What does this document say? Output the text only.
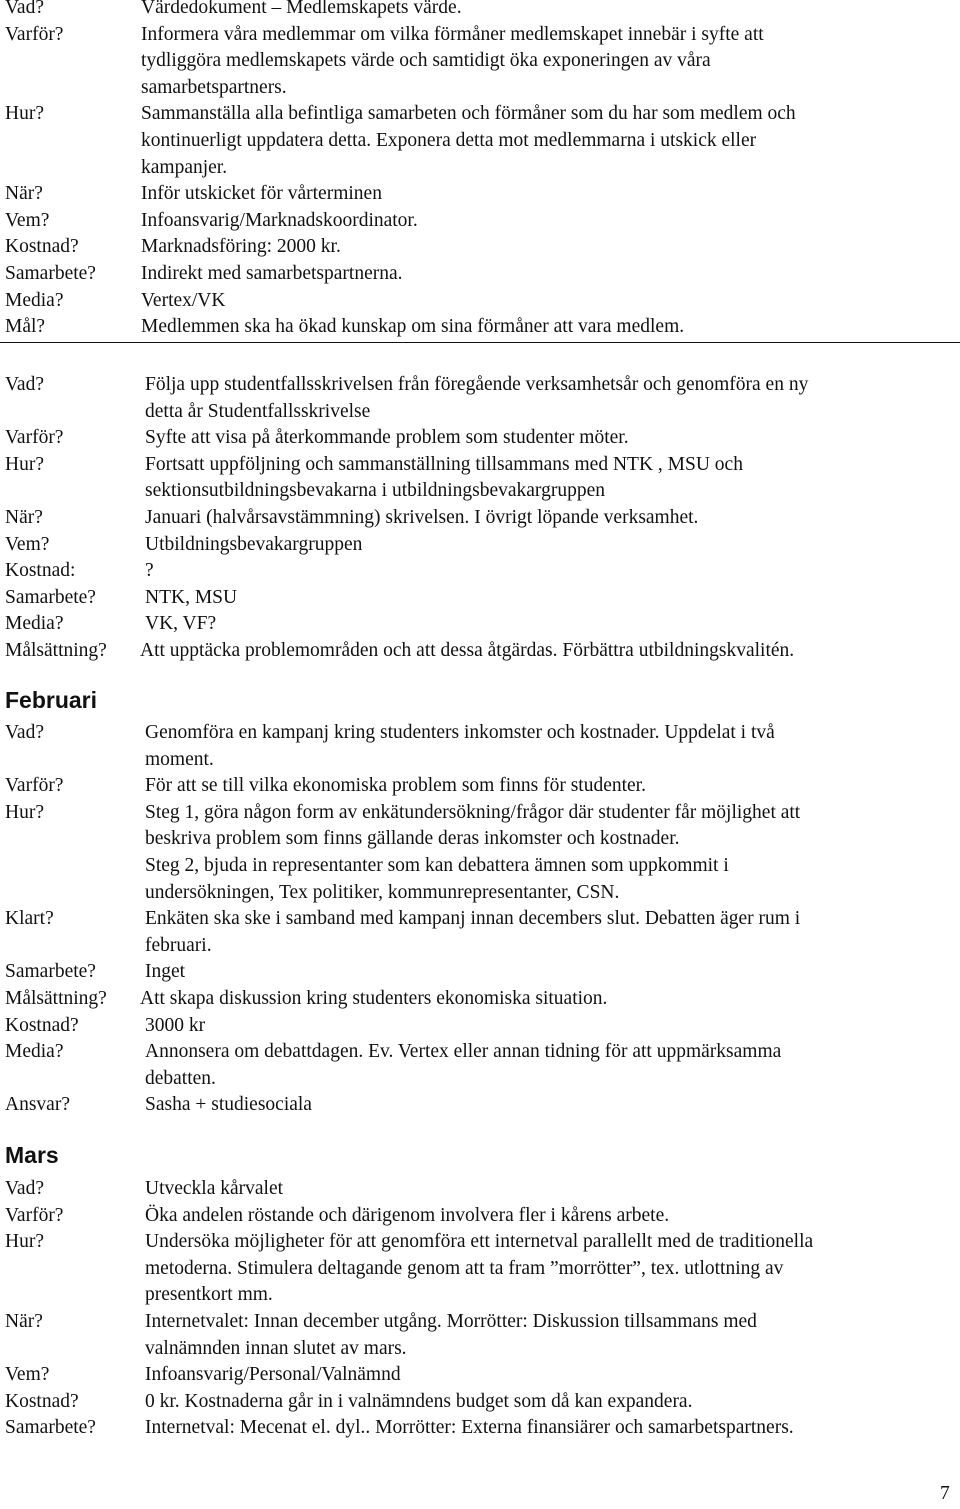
Vad?	Värdedokument – Medlemskapets värde.
Varför?	Informera våra medlemmar om vilka förmåner medlemskapet innebär i syfte att
tydliggöra medlemskapets värde och samtidigt öka exponeringen av våra
samarbetspartners.
Hur?	Sammanställa alla befintliga samarbeten och förmåner som du har som medlem och
kontinuerligt uppdatera detta. Exponera detta mot medlemmarna i utskick eller
kampanjer.
När?	Inför utskicket för vårterminen
Vem?	Infoansvarig/Marknadskoordinator.
Kostnad?	Marknadsföring: 2000 kr.
Samarbete? Indirekt med samarbetspartnerna.
Media?	Vertex/VK
Mål?	Medlemmen ska ha ökad kunskap om sina förmåner att vara medlem.
Vad?	Följa upp studentfallsskrivelsen från föregående verksamhetsår och genomföra en ny
detta år Studentfallsskrivelse
Varför?	Syfte att visa på återkommande problem som studenter möter.
Hur?	Fortsatt uppföljning och sammanställning tillsammans med NTK , MSU och
sektionsutbildningsbevakarna i utbildningsbevakargruppen
När?	Januari (halvårsavstämmning) skrivelsen. I övrigt löpande verksamhet.
Vem?	Utbildningsbevakargruppen
Kostnad:	?
Samarbete?	NTK, MSU
Media?	VK, VF?
Målsättning? Att upptäcka problemområden och att dessa åtgärdas. Förbättra utbildningskvalitén.
Februari
Vad?	Genomföra en kampanj kring studenters inkomster och kostnader. Uppdelat i två
moment.
Varför?	För att se till vilka ekonomiska problem som finns för studenter.
Hur?	Steg 1, göra någon form av enkätundersökning/frågor där studenter får möjlighet att
beskriva problem som finns gällande deras inkomster och kostnader.
Steg 2, bjuda in representanter som kan debattera ämnen som uppkommit i
undersökningen, Tex politiker, kommunrepresentanter, CSN.
Klart?	Enkäten ska ske i samband med kampanj innan decembers slut. Debatten äger rum i
februari.
Samarbete?	Inget
Målsättning? Att skapa diskussion kring studenters ekonomiska situation.
Kostnad?	3000 kr
Media?	Annonsera om debattdagen. Ev. Vertex eller annan tidning för att uppmärksamma
debatten.
Ansvar?	Sasha + studiesociala
Mars
Vad?	Utveckla kårvalet
Varför?	Öka andelen röstande och därigenom involvera fler i kårens arbete.
Hur?	Undersöka möjligheter för att genomföra ett internetval parallellt med de traditionella
metoderna. Stimulera deltagande genom att ta fram ”morrötter”, tex. utlottning av
presentkort mm.
När?	Internetvalet: Innan december utgång. Morrötter: Diskussion tillsammans med
valnämnden innan slutet av mars.
Vem?	Infoansvarig/Personal/Valnämnd
Kostnad?	0 kr. Kostnaderna går in i valnämndens budget som då kan expandera.
Samarbete?	Internetval: Mecenat el. dyl.. Morrötter: Externa finansiärer och samarbetspartners.
7
